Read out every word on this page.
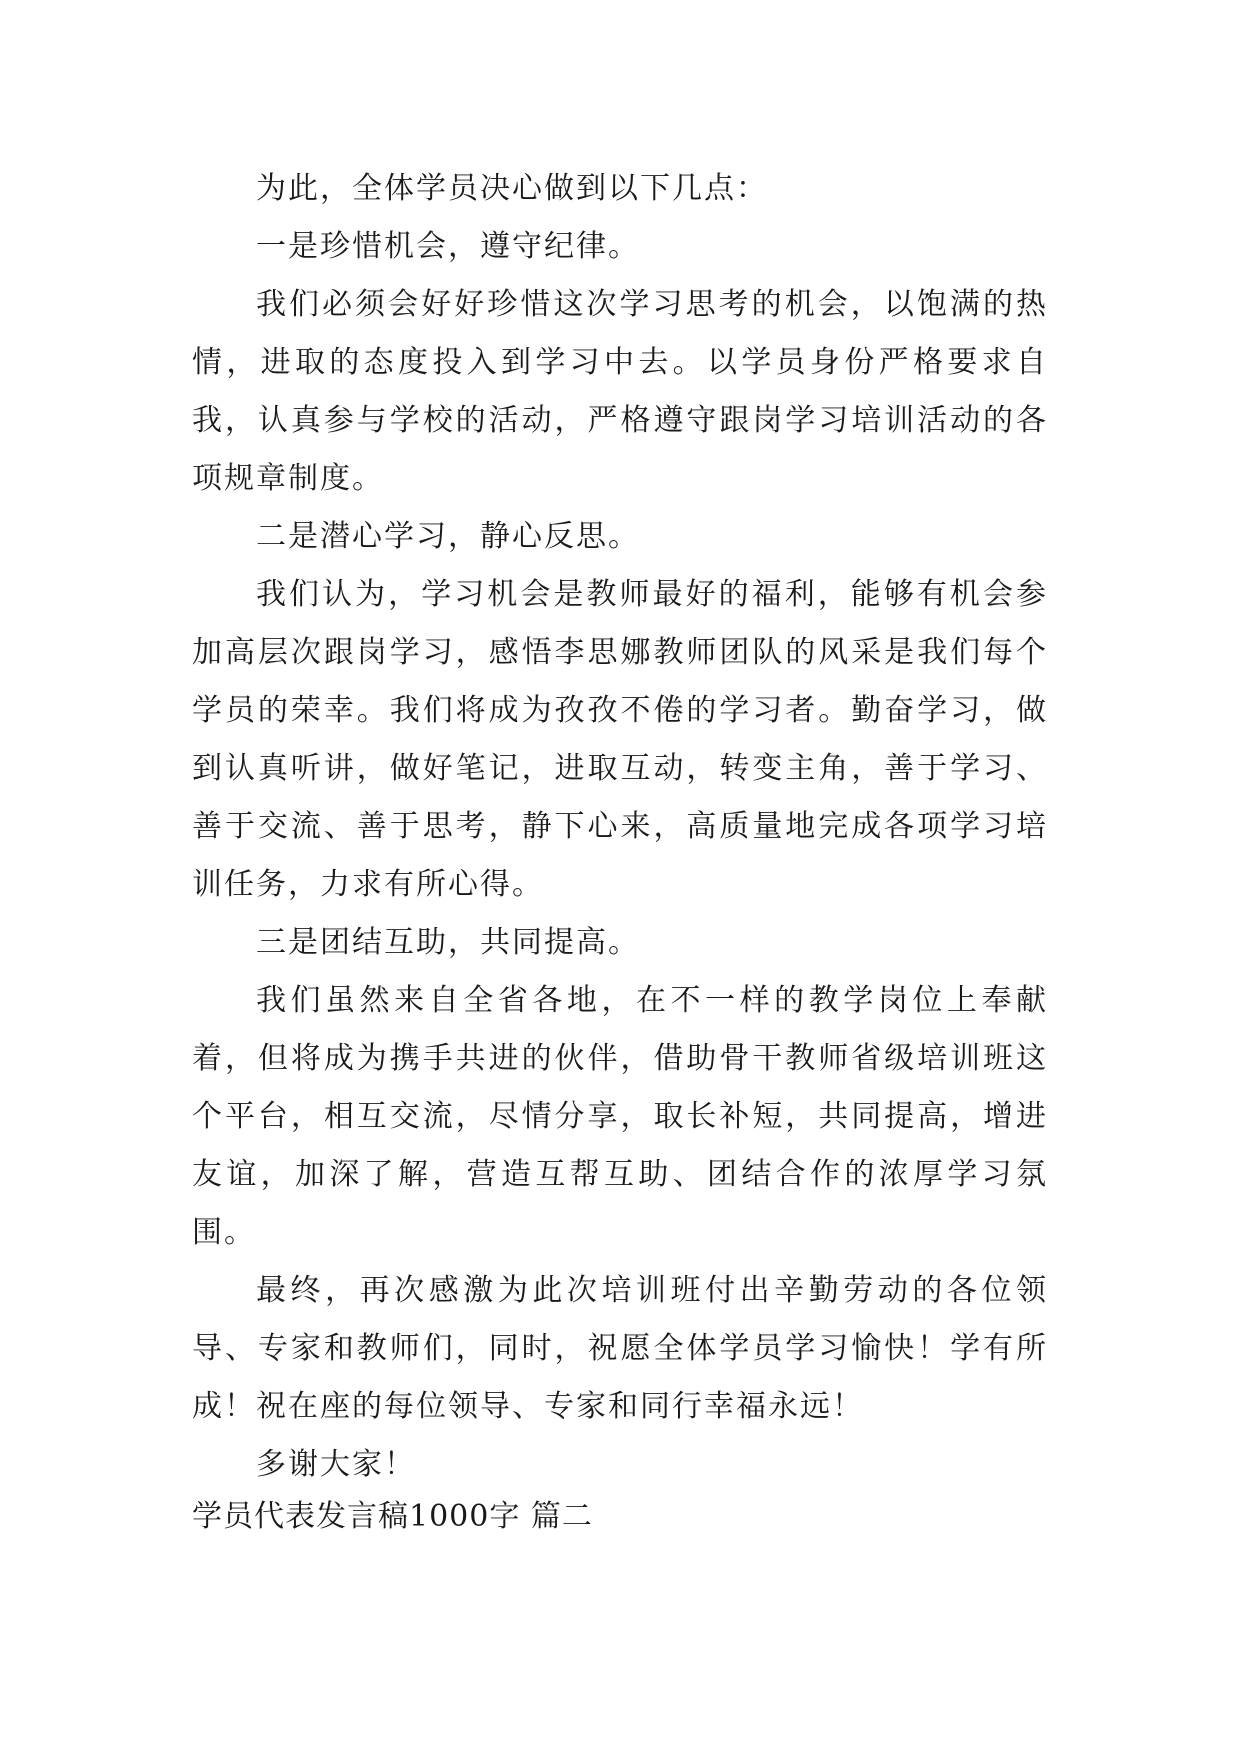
为此，全体学员决心做到以下几点：

一是珍惜机会，遵守纪律。

我们必须会好好珍惜这次学习思考的机会，以饱满的热情，进取的态度投入到学习中去。以学员身份严格要求自我，认真参与学校的活动，严格遵守跟岗学习培训活动的各项规章制度。

二是潜心学习，静心反思。

我们认为，学习机会是教师最好的福利，能够有机会参加高层次跟岗学习，感悟李思娜教师团队的风采是我们每个学员的荣幸。我们将成为孜孜不倦的学习者。勤奋学习，做到认真听讲，做好笔记，进取互动，转变主角，善于学习、善于交流、善于思考，静下心来，高质量地完成各项学习培训任务，力求有所心得。

三是团结互助，共同提高。

我们虽然来自全省各地，在不一样的教学岗位上奉献着，但将成为携手共进的伙伴，借助骨干教师省级培训班这个平台，相互交流，尽情分享，取长补短，共同提高，增进友谊，加深了解，营造互帮互助、团结合作的浓厚学习氛围。

最终，再次感激为此次培训班付出辛勤劳动的各位领导、专家和教师们，同时，祝愿全体学员学习愉快！学有所成！祝在座的每位领导、专家和同行幸福永远！

多谢大家！

学员代表发言稿1000字 篇二
